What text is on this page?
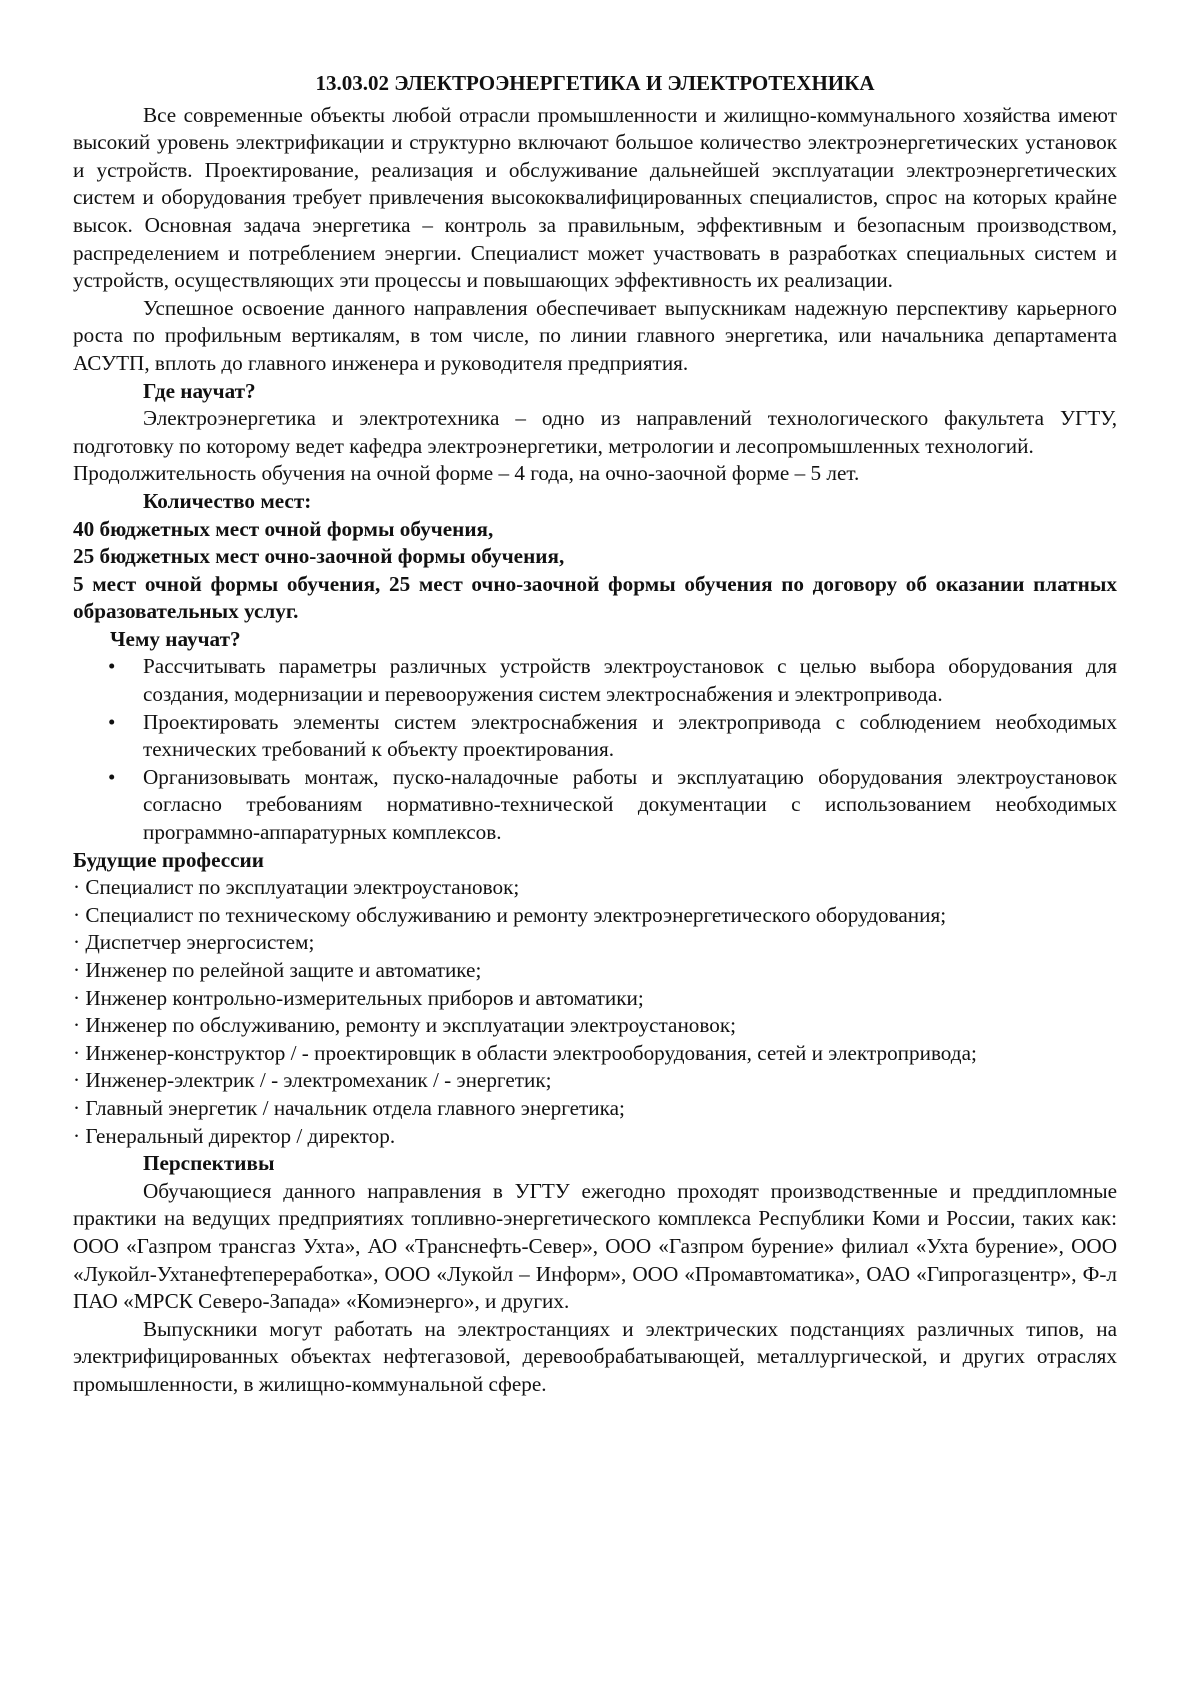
13.03.02 ЭЛЕКТРОЭНЕРГЕТИКА И ЭЛЕКТРОТЕХНИКА

Все современные объекты любой отрасли промышленности и жилищно-коммунального хозяйства имеют высокий уровень электрификации и структурно включают большое количество электроэнергетических установок и устройств. Проектирование, реализация и обслуживание дальнейшей эксплуатации электроэнергетических систем и оборудования требует привлечения высококвалифицированных специалистов, спрос на которых крайне высок. Основная задача энергетика – контроль за правильным, эффективным и безопасным производством, распределением и потреблением энергии. Специалист может участвовать в разработках специальных систем и устройств, осуществляющих эти процессы и повышающих эффективность их реализации.

Успешное освоение данного направления обеспечивает выпускникам надежную перспективу карьерного роста по профильным вертикалям, в том числе, по линии главного энергетика, или начальника департамента АСУТП, вплоть до главного инженера и руководителя предприятия.

Где научат?

Электроэнергетика и электротехника – одно из направлений технологического факультета УГТУ, подготовку по которому ведет кафедра электроэнергетики, метрологии и лесопромышленных технологий.

Продолжительность обучения на очной форме – 4 года, на очно-заочной форме – 5 лет.

Количество мест:

40 бюджетных мест очной формы обучения,

25 бюджетных мест очно-заочной формы обучения,

5 мест очной формы обучения, 25 мест очно-заочной формы обучения по договору об оказании платных образовательных услуг.

Чему научат?
• Рассчитывать параметры различных устройств электроустановок с целью выбора оборудования для создания, модернизации и перевооружения систем электроснабжения и электропривода.
• Проектировать элементы систем электроснабжения и электропривода с соблюдением необходимых технических требований к объекту проектирования.
• Организовывать монтаж, пуско-наладочные работы и эксплуатацию оборудования электроустановок согласно требованиям нормативно-технической документации с использованием необходимых программно-аппаратурных комплексов.
Будущие профессии
· Специалист по эксплуатации электроустановок;
· Специалист по техническому обслуживанию и ремонту электроэнергетического оборудования;
· Диспетчер энергосистем;
· Инженер по релейной защите и автоматике;
· Инженер контрольно-измерительных приборов и автоматики;
· Инженер по обслуживанию, ремонту и эксплуатации электроустановок;
· Инженер-конструктор / - проектировщик в области электрооборудования, сетей и электропривода;
· Инженер-электрик / - электромеханик / - энергетик;
· Главный энергетик / начальник отдела главного энергетика;
· Генеральный директор / директор.
Перспективы

Обучающиеся данного направления в УГТУ ежегодно проходят производственные и преддипломные практики на ведущих предприятиях топливно-энергетического комплекса Республики Коми и России, таких как: ООО «Газпром трансгаз Ухта», АО «Транснефть-Север», ООО «Газпром бурение» филиал «Ухта бурение», ООО «Лукойл-Ухтанефтепереработка», ООО «Лукойл – Информ», ООО «Промавтоматика», ОАО «Гипрогазцентр», Ф-л ПАО «МРСК Северо-Запада» «Комиэнерго», и других.

Выпускники могут работать на электростанциях и электрических подстанциях различных типов, на электрифицированных объектах нефтегазовой, деревообрабатывающей, металлургической, и других отраслях промышленности, в жилищно-коммунальной сфере.
